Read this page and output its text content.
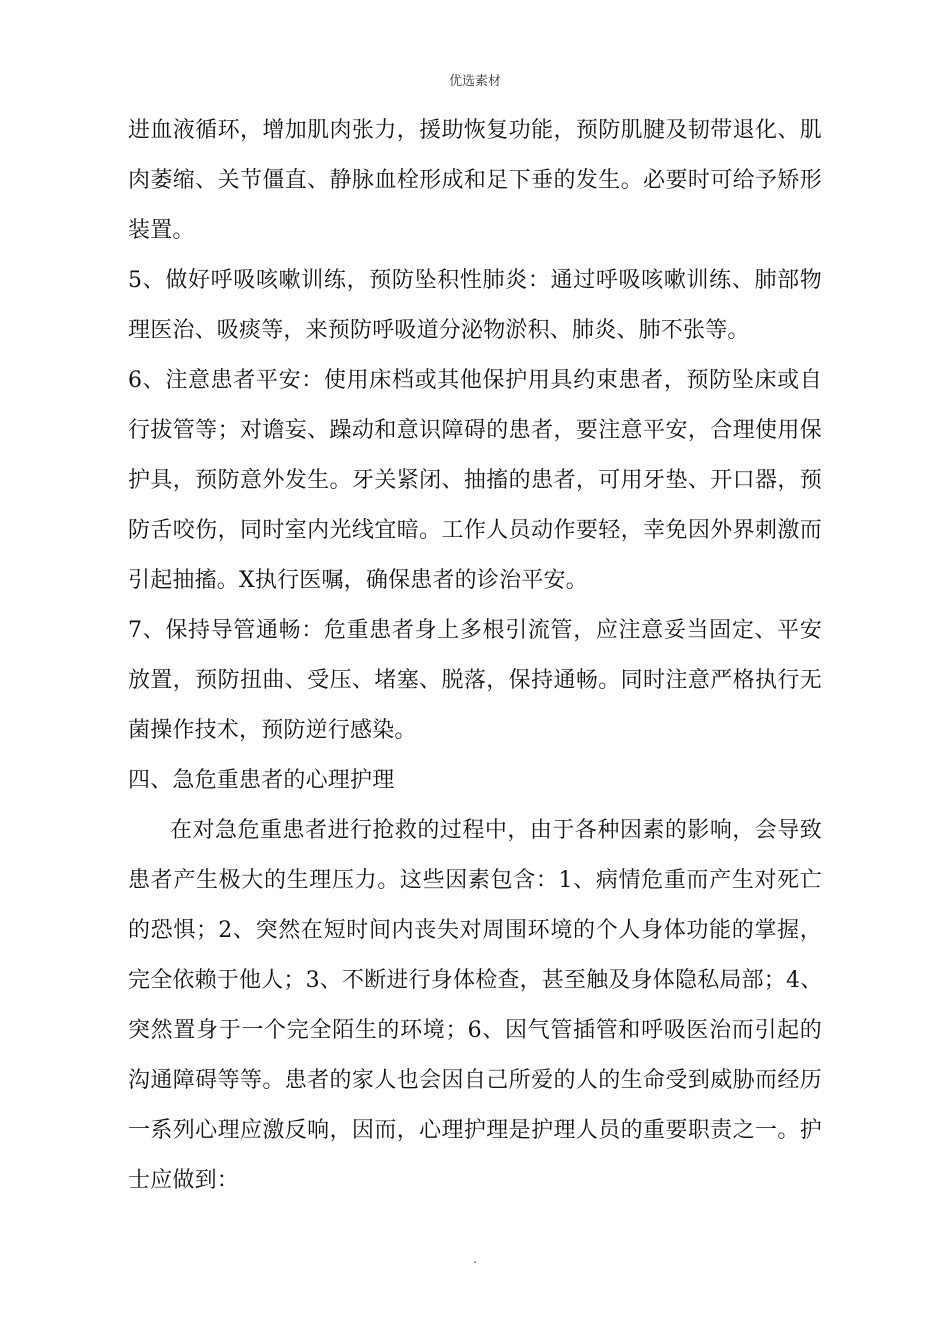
优选素材
进血液循环，增加肌肉张力，援助恢复功能，预防肌腱及韧带退化、肌
肉萎缩、关节僵直、静脉血栓形成和足下垂的发生。必要时可给予矫形
装置。
5、做好呼吸咳嗽训练，预防坠积性肺炎：通过呼吸咳嗽训练、肺部物
理医治、吸痰等，来预防呼吸道分泌物淤积、肺炎、肺不张等。
6、注意患者平安：使用床档或其他保护用具约束患者，预防坠床或自
行拔管等；对谵妄、躁动和意识障碍的患者，要注意平安，合理使用保
护具，预防意外发生。牙关紧闭、抽搐的患者，可用牙垫、开口器，预
防舌咬伤，同时室内光线宜暗。工作人员动作要轻，幸免因外界刺激而
引起抽搐。X执行医嘱，确保患者的诊治平安。
7、保持导管通畅：危重患者身上多根引流管，应注意妥当固定、平安
放置，预防扭曲、受压、堵塞、脱落，保持通畅。同时注意严格执行无
菌操作技术，预防逆行感染。
四、急危重患者的心理护理
在对急危重患者进行抢救的过程中，由于各种因素的影响，会导致
患者产生极大的生理压力。这些因素包含：1、病情危重而产生对死亡
的恐惧；2、突然在短时间内丧失对周围环境的个人身体功能的掌握，
完全依赖于他人；3、不断进行身体检查，甚至触及身体隐私局部；4、
突然置身于一个完全陌生的环境；6、因气管插管和呼吸医治而引起的
沟通障碍等等。患者的家人也会因自己所爱的人的生命受到威胁而经历
一系列心理应激反响，因而，心理护理是护理人员的重要职责之一。护
士应做到：
.
